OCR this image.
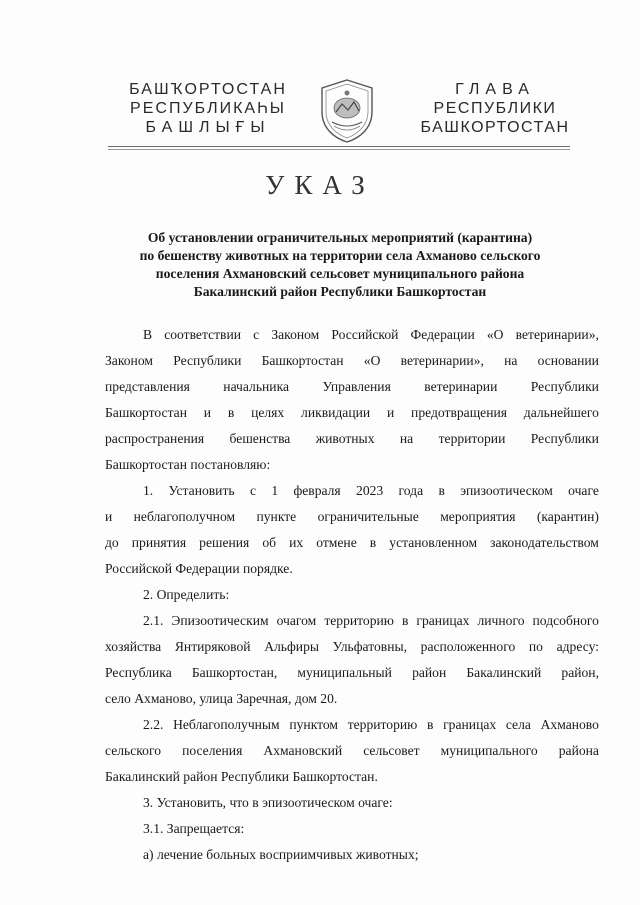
БАШҠОРТОСТАН
РЕСПУБЛИКАҺЫ
БАШЛЫҒЫ
ГЛАВА
РЕСПУБЛИКИ
БАШКОРТОСТАН
УКАЗ
Об установлении ограничительных мероприятий (карантина)
по бешенству животных на территории села Ахманово сельского
поселения Ахмановский сельсовет муниципального района
Бакалинский район Республики Башкортостан
В соответствии с Законом Российской Федерации «О ветеринарии»,
Законом Республики Башкортостан «О ветеринарии», на основании
представления начальника Управления ветеринарии Республики
Башкортостан и в целях ликвидации и предотвращения дальнейшего
распространения бешенства животных на территории Республики
Башкортостан постановляю:
1. Установить с 1 февраля 2023 года в эпизоотическом очаге
и неблагополучном пункте ограничительные мероприятия (карантин)
до принятия решения об их отмене в установленном законодательством
Российской Федерации порядке.
2. Определить:
2.1. Эпизоотическим очагом территорию в границах личного подсобного
хозяйства Янтиряковой Альфиры Ульфатовны, расположенного по адресу:
Республика Башкортостан, муниципальный район Бакалинский район,
село Ахманово, улица Заречная, дом 20.
2.2. Неблагополучным пунктом территорию в границах села Ахманово
сельского поселения Ахмановский сельсовет муниципального района
Бакалинский район Республики Башкортостан.
3. Установить, что в эпизоотическом очаге:
3.1. Запрещается:
а) лечение больных восприимчивых животных;
